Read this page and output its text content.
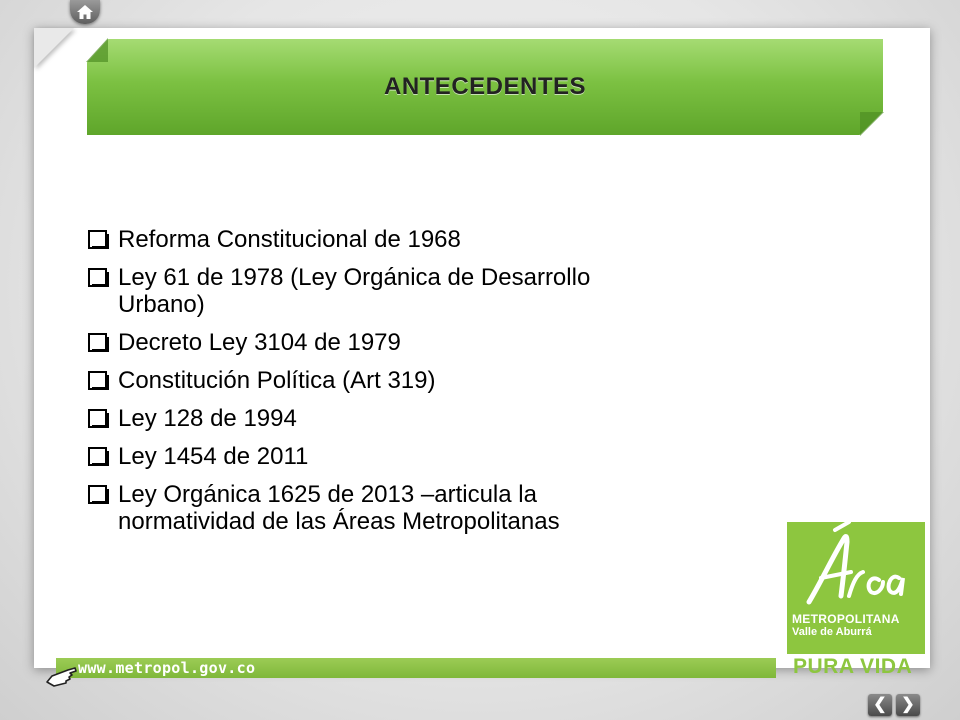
ANTECEDENTES
Reforma Constitucional de 1968
Ley 61 de 1978 (Ley Orgánica de Desarrollo
Urbano)
Decreto Ley 3104 de 1979
Constitución Política (Art 319)
Ley 128 de 1994
Ley 1454 de 2011
Ley Orgánica 1625 de 2013 –articula la
normatividad de las Áreas Metropolitanas
METROPOLITANA
Valle de Aburrá
PURA VIDA
www.metropol.gov.co
❮ ❯
